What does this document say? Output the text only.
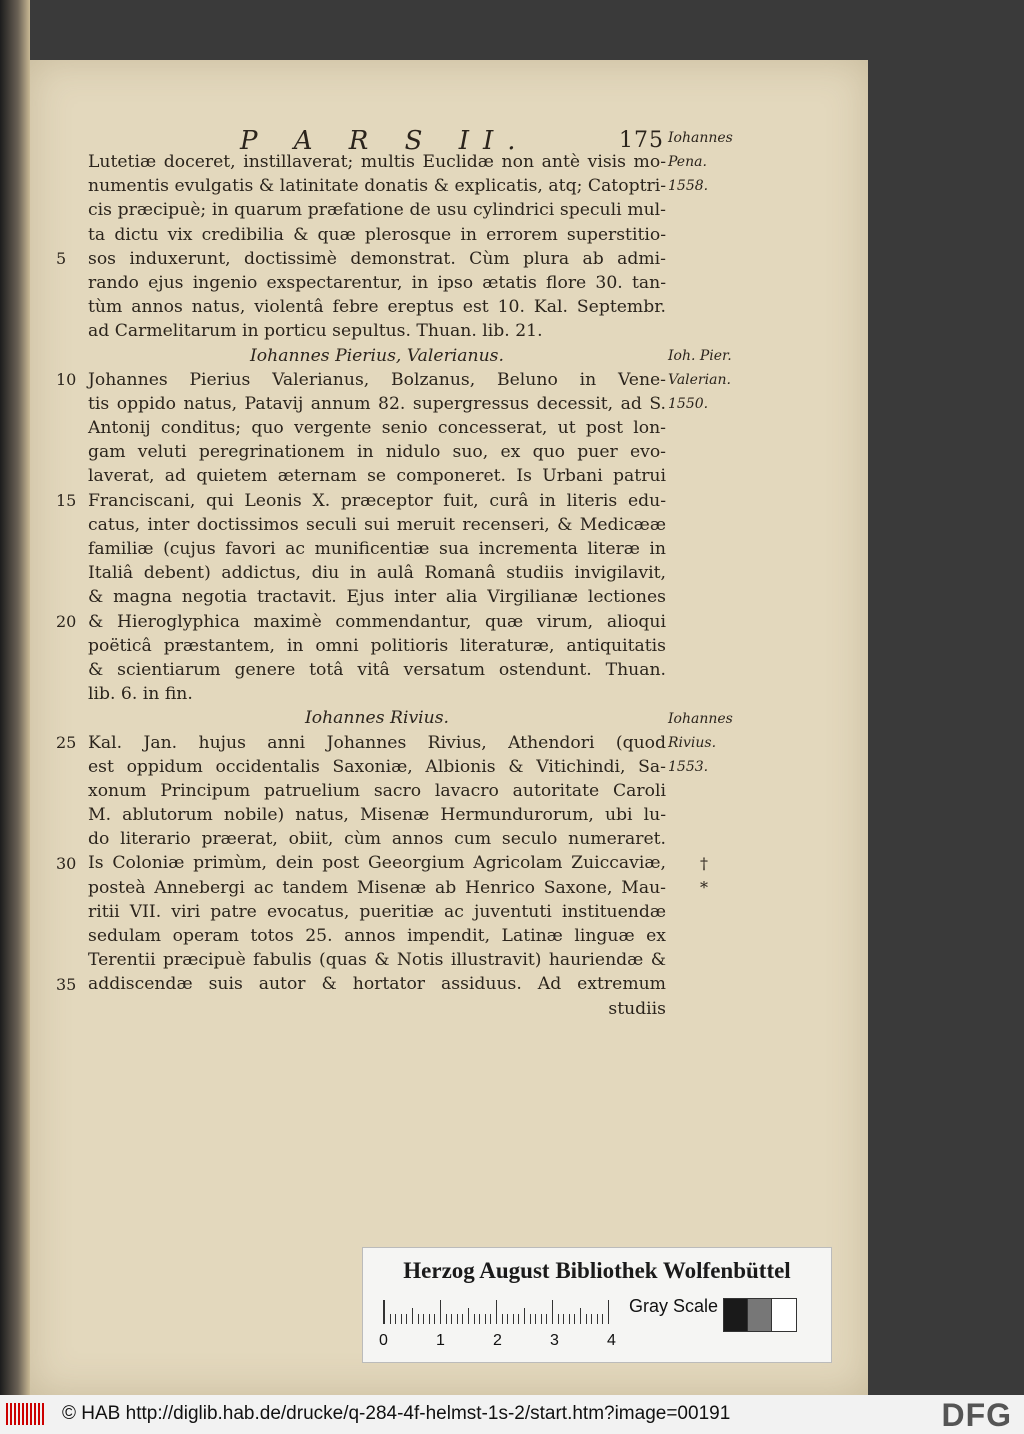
P A R S II.	175
Lutetiæ doceret, instillaverat; multis Euclidæ non antè visis mo-
numentis evulgatis & latinitate donatis & explicatis, atq; Catoptri-
cis præcipuè; in quarum præfatione de usu cylindrici speculi mul-
ta dictu vix credibilia & quæ plerosque in errorem superstitio-
sos induxerunt, doctissimè demonstrat. Cùm plura ab admi-
rando ejus ingenio exspectarentur, in ipso ætatis flore 30. tan-
tùm annos natus, violentâ febre ereptus est 10. Kal. Septembr.
ad Carmelitarum in porticu sepultus. Thuan. lib. 21.
Iohannes Pierius, Valerianus.
Johannes Pierius Valerianus, Bolzanus, Beluno in Vene-
tis oppido natus, Patavij annum 82. supergressus decessit, ad S.
Antonij conditus; quo vergente senio concesserat, ut post lon-
gam veluti peregrinationem in nidulo suo, ex quo puer evo-
laverat, ad quietem æternam se componeret. Is Urbani patrui
Franciscani, qui Leonis X. præceptor fuit, curâ in literis edu-
catus, inter doctissimos seculi sui meruit recenseri, & Medicææ
familiæ (cujus favori ac munificentiæ sua incrementa literæ in
Italiâ debent) addictus, diu in aulâ Romanâ studiis invigilavit,
& magna negotia tractavit. Ejus inter alia Virgilianæ lectiones
& Hieroglyphica maximè commendantur, quæ virum, alioqui
poëticâ præstantem, in omni politioris literaturæ, antiquitatis
& scientiarum genere totâ vitâ versatum ostendunt. Thuan.
lib. 6. in fin.
Iohannes Rivius.
Kal. Jan. hujus anni Johannes Rivius, Athendori (quod
est oppidum occidentalis Saxoniæ, Albionis & Vitichindi, Sa-
xonum Principum patruelium sacro lavacro autoritate Caroli
M. ablutorum nobile) natus, Misenæ Hermundurorum, ubi lu-
do literario præerat, obiit, cùm annos cum seculo numeraret.
Is Coloniæ primùm, dein post Geeorgium Agricolam Zuiccaviæ,
posteà Annebergi ac tandem Misenæ ab Henrico Saxone, Mau-
ritii VII. viri patre evocatus, pueritiæ ac juventuti instituendæ
sedulam operam totos 25. annos impendit, Latinæ linguæ ex
Terentii præcipuè fabulis (quas & Notis illustravit) hauriendæ &
addiscendæ suis autor & hortator assiduus. Ad extremum
studiis
5
10
15
20
25
30
35
Iohannes
Pena.
1558.
Ioh. Pier.
Valerian.
1550.
Iohannes
Rivius.
1553.
†
*
Herzog August Bibliothek Wolfenbüttel
0	1	2	3	4
Gray Scale
© HAB http://diglib.hab.de/drucke/q-284-4f-helmst-1s-2/start.htm?image=00191	DFG
